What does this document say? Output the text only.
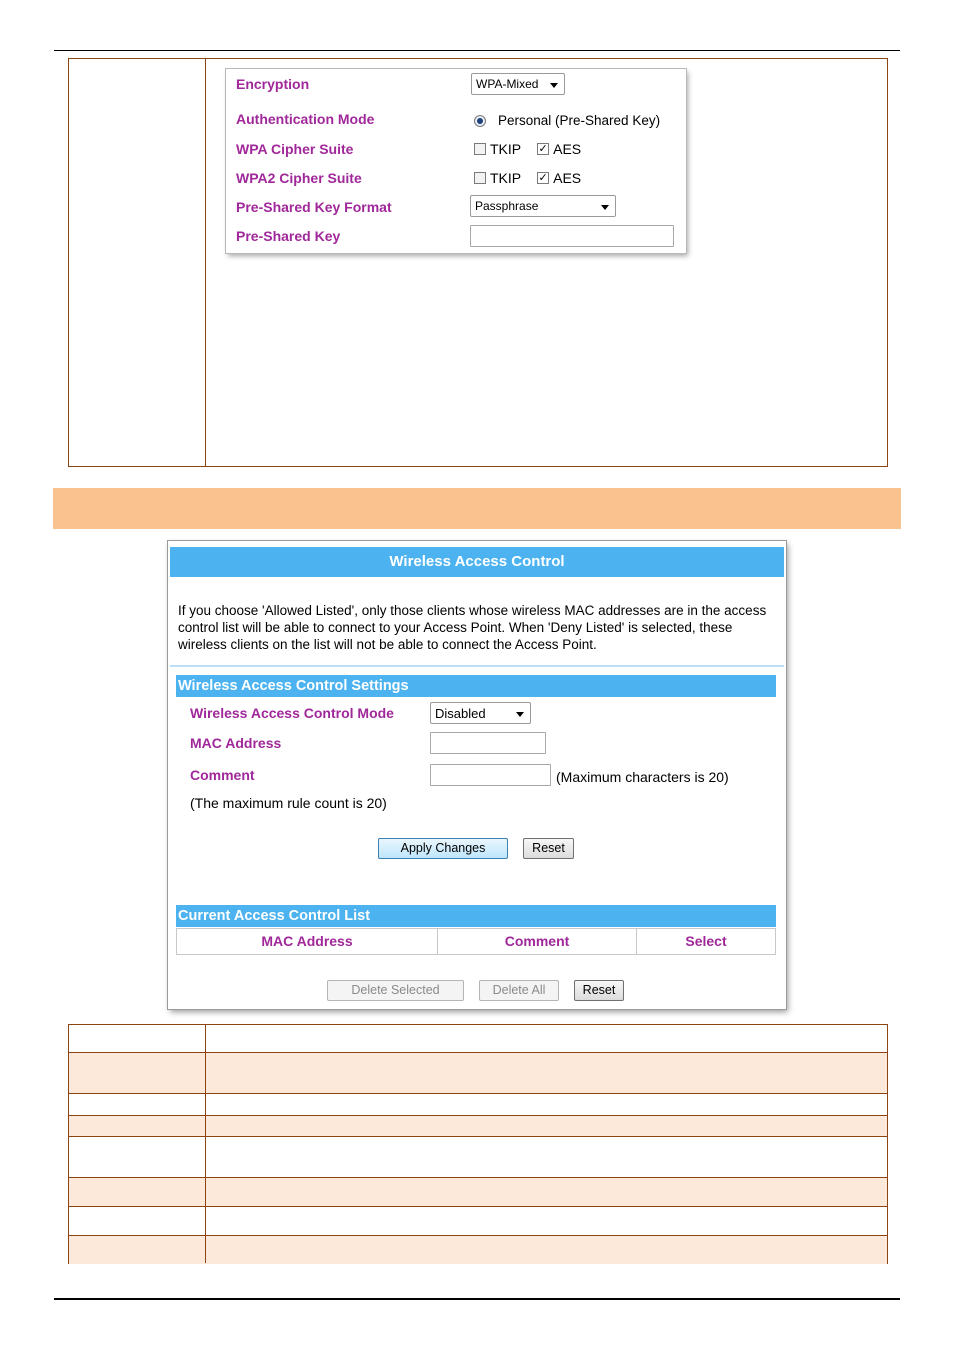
Encryption	WPA-Mixed
Authentication Mode	Personal (Pre-Shared Key)
WPA Cipher Suite	TKIP ✓ AES
WPA2 Cipher Suite	TKIP ✓ AES
Pre-Shared Key Format	Passphrase
Pre-Shared Key
Wireless Access Control
If you choose 'Allowed Listed', only those clients whose wireless MAC addresses are in the access control list will be able to connect to your Access Point. When 'Deny Listed' is selected, these wireless clients on the list will not be able to connect the Access Point.
Wireless Access Control Settings
Wireless Access Control Mode	Disabled
MAC Address
Comment	(Maximum characters is 20)
(The maximum rule count is 20)
Apply Changes	Reset
Current Access Control List
MAC Address	Comment	Select
Delete Selected	Delete All	Reset
